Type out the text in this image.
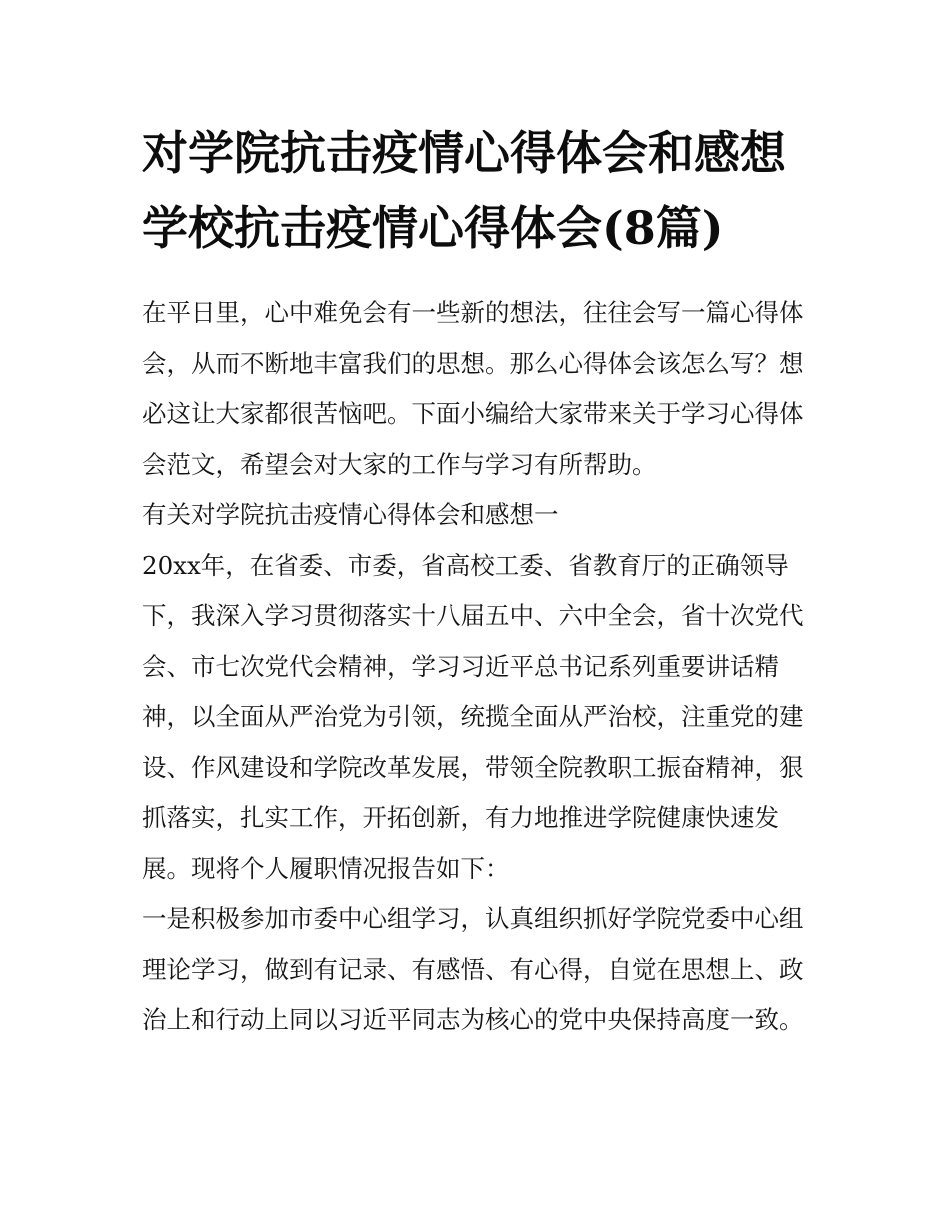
对学院抗击疫情心得体会和感想 学校抗击疫情心得体会(8篇)

在平日里，心中难免会有一些新的想法，往往会写一篇心得体会，从而不断地丰富我们的思想。那么心得体会该怎么写？想必这让大家都很苦恼吧。下面小编给大家带来关于学习心得体会范文，希望会对大家的工作与学习有所帮助。

有关对学院抗击疫情心得体会和感想一

20xx年，在省委、市委，省高校工委、省教育厅的正确领导下，我深入学习贯彻落实十八届五中、六中全会，省十次党代会、市七次党代会精神，学习习近平总书记系列重要讲话精神，以全面从严治党为引领，统揽全面从严治校，注重党的建设、作风建设和学院改革发展，带领全院教职工振奋精神，狠抓落实，扎实工作，开拓创新，有力地推进学院健康快速发展。现将个人履职情况报告如下：

一是积极参加市委中心组学习，认真组织抓好学院党委中心组理论学习，做到有记录、有感悟、有心得，自觉在思想上、政治上和行动上同以习近平同志为核心的党中央保持高度一致。
